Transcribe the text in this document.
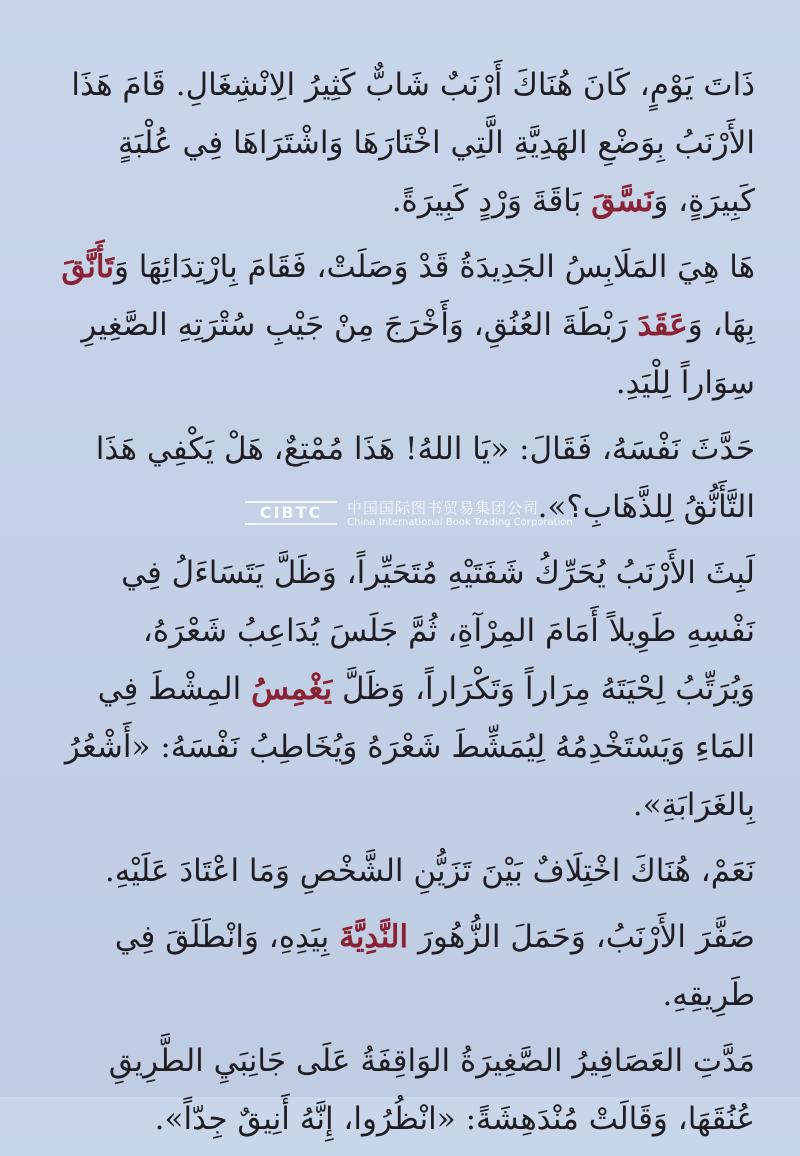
ذَاتَ يَوْمٍ، كَانَ هُنَاكَ أَرْنَبٌ شَابٌّ كَثِيرُ الِانْشِغَالِ. قَامَ هَذَا الأَرْنَبُ بِوَضْعِ الهَدِيَّةِ الَّتِي اخْتَارَهَا وَاشْتَرَاهَا فِي عُلْبَةٍ كَبِيرَةٍ، وَنَسَّقَ بَاقَةَ وَرْدٍ كَبِيرَةً.

هَا هِيَ المَلَابِسُ الجَدِيدَةُ قَدْ وَصَلَتْ، فَقَامَ بِارْتِدَائِهَا وَتَأَنَّقَ بِهَا، وَعَقَدَ رَبْطَةَ العُنُقِ، وَأَخْرَجَ مِنْ جَيْبِ سُتْرَتِهِ الصَّغِيرِ سِوَاراً لِلْيَدِ.

حَدَّثَ نَفْسَهُ، فَقَالَ: «يَا اللهُ! هَذَا مُمْتِعٌ، هَلْ يَكْفِي هَذَا التَّأَنُّقُ لِلذَّهَابِ؟».

لَبِثَ الأَرْنَبُ يُحَرِّكُ شَفَتَيْهِ مُتَحَيِّراً، وَظَلَّ يَتَسَاءَلُ فِي نَفْسِهِ طَوِيلاً أَمَامَ المِرْآةِ، ثُمَّ جَلَسَ يُدَاعِبُ شَعْرَهُ، وَيُرَتِّبُ لِحْيَتَهُ مِرَاراً وَتَكْرَاراً، وَظَلَّ يَغْمِسُ المِشْطَ فِي المَاءِ وَيَسْتَخْدِمُهُ لِيُمَشِّطَ شَعْرَهُ وَيُخَاطِبُ نَفْسَهُ: «أَشْعُرُ بِالغَرَابَةِ».

نَعَمْ، هُنَاكَ اخْتِلَافٌ بَيْنَ تَزَيُّنِ الشَّخْصِ وَمَا اعْتَادَ عَلَيْهِ.

صَفَّرَ الأَرْنَبُ، وَحَمَلَ الزُّهُورَ النَّدِيَّةَ بِيَدِهِ، وَانْطَلَقَ فِي طَرِيقِهِ.

مَدَّتِ العَصَافِيرُ الصَّغِيرَةُ الوَاقِفَةُ عَلَى جَانِبَيِ الطَّرِيقِ عُنُقَهَا، وَقَالَتْ مُنْدَهِشَةً: «انْظُرُوا، إِنَّهُ أَنِيقٌ جِدّاً».

CIBTC	中国国际图书贸易集团公司
China International Book Trading Corporation
